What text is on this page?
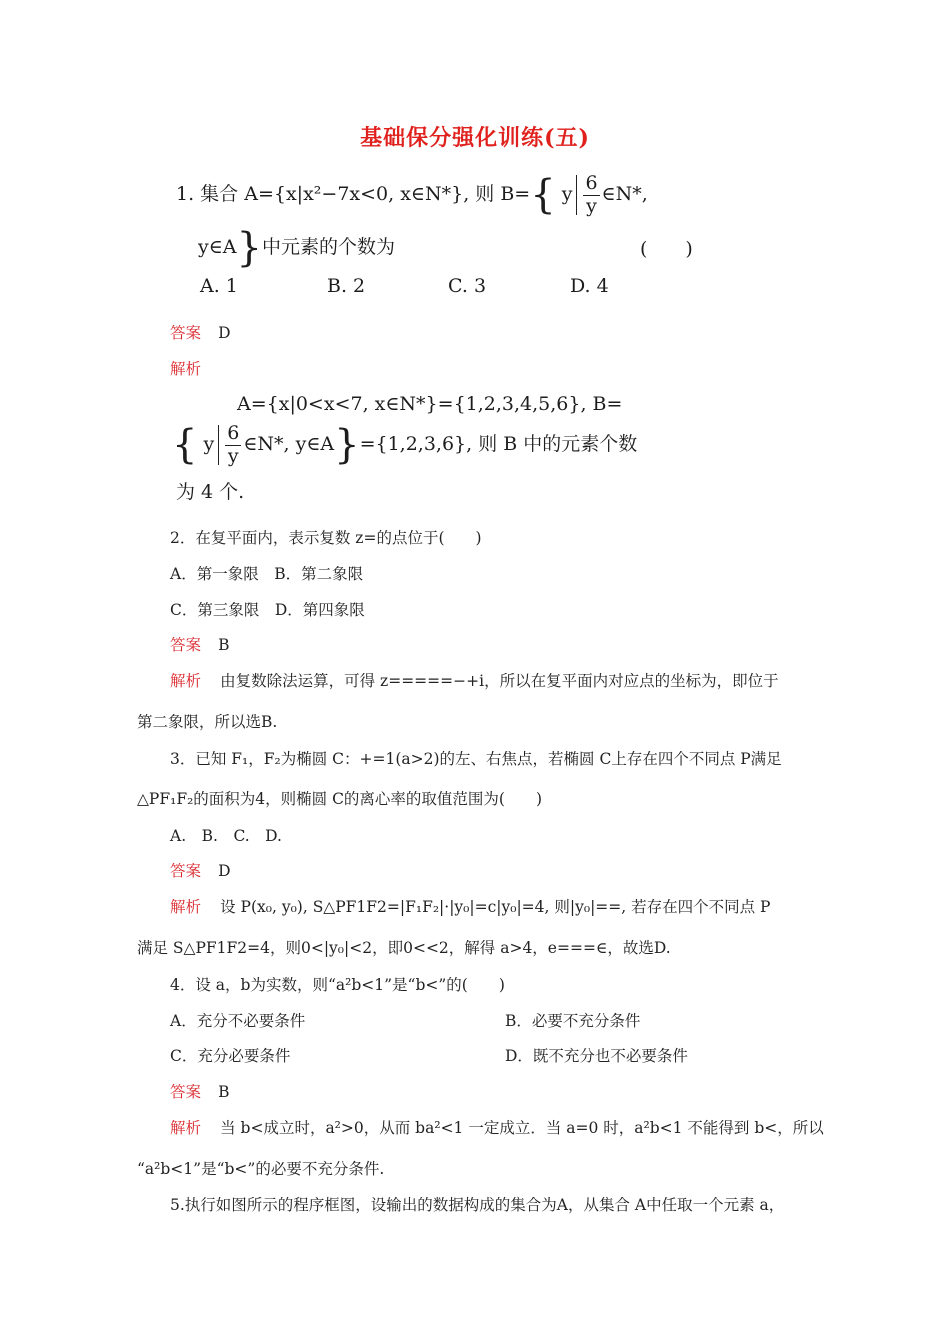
基础保分强化训练(五)
1. 集合 A={x|x²−7x<0, x∈N*}, 则 B={ y $\frac{6}{y}$ ∈N*,
y∈A}中元素的个数为	(　　)
A. 1	B. 2	C. 3	D. 4
答案 D
解析
A={x|0<x<7, x∈N*}={1,2,3,4,5,6}, B=
{ y $\frac{6}{y}$ ∈N*, y∈A}={1,2,3,6}, 则 B 中的元素个数
为 4 个.
2．在复平面内，表示复数 z=的点位于(　　)
A．第一象限　B．第二象限
C．第三象限　D．第四象限
答案 B
解析 由复数除法运算，可得 z=====−+i，所以在复平面内对应点的坐标为，即位于
第二象限，所以选B.
3．已知 F₁，F₂为椭圆 C：+=1(a>2)的左、右焦点，若椭圆 C上存在四个不同点 P满足
△PF₁F₂的面积为4，则椭圆 C的离心率的取值范围为(　　)
A.　B.　C.　D.
答案 D
解析 设 P(x₀, y₀), S△PF1F2=|F₁F₂|·|y₀|=c|y₀|=4, 则|y₀|==, 若存在四个不同点 P
满足 S△PF1F2=4，则0<|y₀|<2，即0<<2，解得 a>4，e===∈，故选D.
4．设 a，b为实数，则“a²b<1”是“b<”的(　　)
A．充分不必要条件	B．必要不充分条件
C．充分必要条件	D．既不充分也不必要条件
答案 B
解析 当 b<成立时，a²>0，从而 ba²<1 一定成立．当 a=0 时，a²b<1 不能得到 b<，所以
“a²b<1”是“b<”的必要不充分条件.
5.执行如图所示的程序框图，设输出的数据构成的集合为A，从集合 A中任取一个元素 a，
